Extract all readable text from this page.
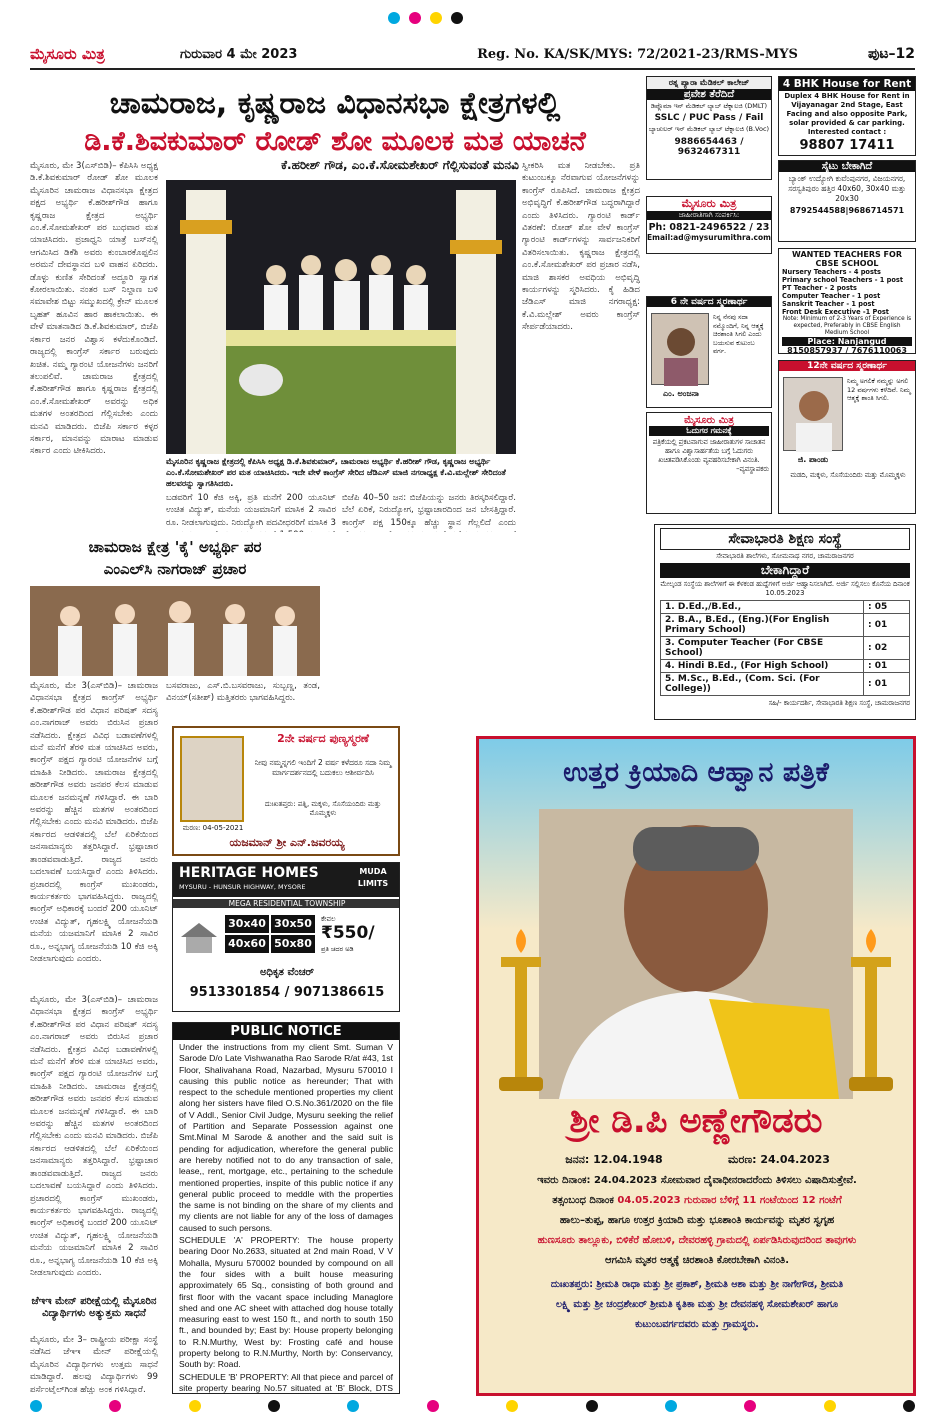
ಮೈಸೂರು ಮಿತ್ರ	ಗುರುವಾರ 4 ಮೇ 2023	Reg. No. KA/SK/MYS: 72/2021-23/RMS-MYS	ಪುಟ–12
ಚಾಮರಾಜ, ಕೃಷ್ಣರಾಜ ವಿಧಾನಸಭಾ ಕ್ಷೇತ್ರಗಳಲ್ಲಿ
ಡಿ.ಕೆ.ಶಿವಕುಮಾರ್ ರೋಡ್ ಶೋ ಮೂಲಕ ಮತ ಯಾಚನೆ
ಕೆ.ಹರೀಶ್ ಗೌಡ, ಎಂ.ಕೆ.ಸೋಮಶೇಖರ್ ಗೆಲ್ಲಿಸುವಂತೆ ಮನವಿ

ಮೈಸೂರು, ಮೇ 3(ಎಸ್‌ಬಿಡಿ)– ಕೆಪಿಸಿಸಿ ಅಧ್ಯಕ್ಷ ಡಿ.ಕೆ.ಶಿವಕುಮಾರ್ ರೋಡ್ ಶೋ ಮೂಲಕ ಮೈಸೂರಿನ ಚಾಮರಾಜ ವಿಧಾನಸಭಾ ಕ್ಷೇತ್ರದ ಪಕ್ಷದ ಅಭ್ಯರ್ಥಿ ಕೆ.ಹರೀಶ್‌ಗೌಡ ಹಾಗೂ ಕೃಷ್ಣರಾಜ ಕ್ಷೇತ್ರದ ಅಭ್ಯರ್ಥಿ ಎಂ.ಕೆ.ಸೋಮಶೇಖರ್ ಪರ ಬುಧವಾರ ಮತ ಯಾಚಿಸಿದರು. ಪ್ರಜಾಧ್ವನಿ ಯಾತ್ರೆ ಬಸ್‌ನಲ್ಲಿ ಆಗಮಿಸಿದ ಡಿಕೆಶಿ ಅವರು ಕುಂಬಾರಕೊಪ್ಪಲಿನ ಅರಮನೆ ದೇವಸ್ಥಾನದ ಬಳಿ ವಾಹನ ಏರಿದರು. ಡೊಳ್ಳು ಕುಣಿತ ಸೇರಿದಂತೆ ಅದ್ಧೂರಿ ಸ್ವಾಗತ ಕೋರಲಾಯಿತು. ನಂತರ ಬಸ್ ನಿಲ್ದಾಣ ಬಳಿ ಸಮಾವೇಶ ಬಿಟ್ಟು ಸಮ್ಮುಖದಲ್ಲಿ ಕ್ರೇನ್ ಮೂಲಕ ಬೃಹತ್ ಹೂವಿನ ಹಾರ ಹಾಕಲಾಯಿತು. ಈ ವೇಳೆ ಮಾತನಾಡಿದ ಡಿ.ಕೆ.ಶಿವಕುಮಾರ್, ಬಿಜೆಪಿ ಸರ್ಕಾರ ಜನರ ವಿಶ್ವಾಸ ಕಳೆದುಕೊಂಡಿದೆ. ರಾಜ್ಯದಲ್ಲಿ ಕಾಂಗ್ರೆಸ್ ಸರ್ಕಾರ ಬರುವುದು ಖಚಿತ. ನಮ್ಮ ಗ್ಯಾರಂಟಿ ಯೋಜನೆಗಳು ಜನರಿಗೆ ತಲುಪಲಿವೆ. ಚಾಮರಾಜ ಕ್ಷೇತ್ರದಲ್ಲಿ ಕೆ.ಹರೀಶ್‌ಗೌಡ ಹಾಗೂ ಕೃಷ್ಣರಾಜ ಕ್ಷೇತ್ರದಲ್ಲಿ ಎಂ.ಕೆ.ಸೋಮಶೇಖರ್ ಅವರನ್ನು ಅಧಿಕ ಮತಗಳ ಅಂತರದಿಂದ ಗೆಲ್ಲಿಸಬೇಕು ಎಂದು ಮನವಿ ಮಾಡಿದರು. ಬಿಜೆಪಿ ಸರ್ಕಾರ ಕಳ್ಳರ ಸರ್ಕಾರ, ಮಾನವನ್ನು ಮಾರಾಟ ಮಾಡುವ ಸರ್ಕಾರ ಎಂದು ಟೀಕಿಸಿದರು.

ಮೈಸೂರಿನ ಕೃಷ್ಣರಾಜ ಕ್ಷೇತ್ರದಲ್ಲಿ ಕೆಪಿಸಿಸಿ ಅಧ್ಯಕ್ಷ ಡಿ.ಕೆ.ಶಿವಕುಮಾರ್, ಚಾಮರಾಜ ಅಭ್ಯರ್ಥಿ ಕೆ.ಹರೀಶ್ ಗೌಡ, ಕೃಷ್ಣರಾಜ ಅಭ್ಯರ್ಥಿ ಎಂ.ಕೆ.ಸೋಮಶೇಖರ್ ಪರ ಮತ ಯಾಚಿಸಿದರು. ಇದೇ ವೇಳೆ ಕಾಂಗ್ರೆಸ್ ಸೇರಿದ ಜೆಡಿಎಸ್ ಮಾಜಿ ನಗರಾಧ್ಯಕ್ಷ ಕೆ.ವಿ.ಮಲ್ಲೇಶ್ ಸೇರಿದಂತೆ ಹಲವರನ್ನು ಸ್ವಾಗತಿಸಿದರು.

ಬಡವರಿಗೆ 10 ಕೆಜಿ ಅಕ್ಕಿ, ಪ್ರತಿ ಮನೆಗೆ 200 ಯೂನಿಟ್ ಉಚಿತ ವಿದ್ಯುತ್, ಮನೆಯ ಯಜಮಾನಿಗೆ ಮಾಸಿಕ 2 ಸಾವಿರ ರೂ. ನೀಡಲಾಗುವುದು. ನಿರುದ್ಯೋಗಿ ಪದವೀಧರರಿಗೆ ಮಾಸಿಕ 3

ಬಿಜೆಪಿ 40–50 ಜನ: ಬಿಜೆಪಿಯನ್ನು ಜನರು ತಿರಸ್ಕರಿಸಲಿದ್ದಾರೆ. ಬೆಲೆ ಏರಿಕೆ, ನಿರುದ್ಯೋಗ, ಭ್ರಷ್ಟಾಚಾರದಿಂದ ಜನ ಬೇಸತ್ತಿದ್ದಾರೆ. ಕಾಂಗ್ರೆಸ್ ಪಕ್ಷ 150ಕ್ಕೂ ಹೆಚ್ಚು ಸ್ಥಾನ ಗೆಲ್ಲಲಿದೆ ಎಂದು

ಸ್ವೀಕರಿಸಿ ಮತ ನೀಡಬೇಕು. ಪ್ರತಿ ಕುಟುಂಬಕ್ಕೂ ನೆರವಾಗುವ ಯೋಜನೆಗಳನ್ನು ಕಾಂಗ್ರೆಸ್ ರೂಪಿಸಿದೆ. ಚಾಮರಾಜ ಕ್ಷೇತ್ರದ ಅಭಿವೃದ್ಧಿಗೆ ಕೆ.ಹರೀಶ್‌ಗೌಡ ಬದ್ಧರಾಗಿದ್ದಾರೆ ಎಂದು ತಿಳಿಸಿದರು. ಗ್ಯಾರಂಟಿ ಕಾರ್ಡ್ ವಿತರಣೆ: ರೋಡ್ ಶೋ ವೇಳೆ ಕಾಂಗ್ರೆಸ್ ಗ್ಯಾರಂಟಿ ಕಾರ್ಡ್‌ಗಳನ್ನು ಸಾರ್ವಜನಿಕರಿಗೆ ವಿತರಿಸಲಾಯಿತು. ಕೃಷ್ಣರಾಜ ಕ್ಷೇತ್ರದಲ್ಲಿ ಎಂ.ಕೆ.ಸೋಮಶೇಖರ್ ಪರ ಪ್ರಚಾರ ನಡೆಸಿ, ಮಾಜಿ ಶಾಸಕರ ಅವಧಿಯ ಅಭಿವೃದ್ಧಿ ಕಾರ್ಯಗಳನ್ನು ಸ್ಮರಿಸಿದರು. ಕೈ ಹಿಡಿದ ಜೆಡಿಎಸ್ ಮಾಜಿ ನಗರಾಧ್ಯಕ್ಷ: ಕೆ.ವಿ.ಮಲ್ಲೇಶ್ ಅವರು ಕಾಂಗ್ರೆಸ್ ಸೇರ್ಪಡೆಯಾದರು.

ಚಾಮರಾಜ ಕ್ಷೇತ್ರ 'ಕೈ' ಅಭ್ಯರ್ಥಿ ಪರ
ಎಂಎಲ್‌ಸಿ ನಾಗರಾಜ್ ಪ್ರಚಾರ

ಮೈಸೂರು, ಮೇ 3(ಎಸ್‌ಬಿಡಿ)– ಚಾಮರಾಜ ವಿಧಾನಸಭಾ ಕ್ಷೇತ್ರದ ಕಾಂಗ್ರೆಸ್ ಅಭ್ಯರ್ಥಿ ಕೆ.ಹರೀಶ್‌ಗೌಡ ಪರ ವಿಧಾನ ಪರಿಷತ್ ಸದಸ್ಯ ಎಂ.ನಾಗರಾಜ್ ಅವರು ಬಿರುಸಿನ ಪ್ರಚಾರ ನಡೆಸಿದರು. ಕ್ಷೇತ್ರದ ವಿವಿಧ ಬಡಾವಣೆಗಳಲ್ಲಿ ಮನೆ ಮನೆಗೆ ತೆರಳಿ ಮತ ಯಾಚಿಸಿದ ಅವರು, ಕಾಂಗ್ರೆಸ್ ಪಕ್ಷದ ಗ್ಯಾರಂಟಿ ಯೋಜನೆಗಳ ಬಗ್ಗೆ ಮಾಹಿತಿ ನೀಡಿದರು. ಚಾಮರಾಜ ಕ್ಷೇತ್ರದಲ್ಲಿ ಹರೀಶ್‌ಗೌಡ ಅವರು ಜನಪರ ಕೆಲಸ ಮಾಡುವ ಮೂಲಕ ಜನಮನ್ನಣೆ ಗಳಿಸಿದ್ದಾರೆ. ಈ ಬಾರಿ ಅವರನ್ನು ಹೆಚ್ಚಿನ ಮತಗಳ ಅಂತರದಿಂದ ಗೆಲ್ಲಿಸಬೇಕು ಎಂದು ಮನವಿ ಮಾಡಿದರು. ಬಿಜೆಪಿ ಸರ್ಕಾರದ ಆಡಳಿತದಲ್ಲಿ ಬೆಲೆ ಏರಿಕೆಯಿಂದ ಜನಸಾಮಾನ್ಯರು ತತ್ತರಿಸಿದ್ದಾರೆ. ಭ್ರಷ್ಟಾಚಾರ ತಾಂಡವವಾಡುತ್ತಿದೆ. ರಾಜ್ಯದ ಜನರು ಬದಲಾವಣೆ ಬಯಸಿದ್ದಾರೆ ಎಂದು ತಿಳಿಸಿದರು. ಪ್ರಚಾರದಲ್ಲಿ ಕಾಂಗ್ರೆಸ್ ಮುಖಂಡರು, ಕಾರ್ಯಕರ್ತರು ಭಾಗವಹಿಸಿದ್ದರು. ರಾಜ್ಯದಲ್ಲಿ ಕಾಂಗ್ರೆಸ್ ಅಧಿಕಾರಕ್ಕೆ ಬಂದರೆ 200 ಯೂನಿಟ್ ಉಚಿತ ವಿದ್ಯುತ್, ಗೃಹಲಕ್ಷ್ಮಿ ಯೋಜನೆಯಡಿ ಮನೆಯ ಯಜಮಾನಿಗೆ ಮಾಸಿಕ 2 ಸಾವಿರ ರೂ., ಅನ್ನಭಾಗ್ಯ ಯೋಜನೆಯಡಿ 10 ಕೆಜಿ ಅಕ್ಕಿ ನೀಡಲಾಗುವುದು ಎಂದರು.

ಬಸವರಾಜು, ಎಸ್.ಬಿ.ಬಸವರಾಜು, ಸುಬ್ಬಣ್ಣ, ತಂಡ, ವಿನಯ್(ಸತೀಶ್) ಮತ್ತಿತರರು ಭಾಗವಹಿಸಿದ್ದರು.

ಜೆಇಇ ಮೇನ್ ಪರೀಕ್ಷೆಯಲ್ಲಿ ಮೈಸೂರಿನ ವಿದ್ಯಾರ್ಥಿಗಳು ಅತ್ಯುತ್ತಮ ಸಾಧನೆ

ಮೈಸೂರು, ಮೇ 3– ರಾಷ್ಟ್ರೀಯ ಪರೀಕ್ಷಾ ಸಂಸ್ಥೆ ನಡೆಸಿದ ಜೆಇಇ ಮೇನ್ ಪರೀಕ್ಷೆಯಲ್ಲಿ ಮೈಸೂರಿನ ವಿದ್ಯಾರ್ಥಿಗಳು ಉತ್ತಮ ಸಾಧನೆ ಮಾಡಿದ್ದಾರೆ. ಹಲವು ವಿದ್ಯಾರ್ಥಿಗಳು 99 ಪರ್ಸೆಂಟೈಲ್‌ಗಿಂತ ಹೆಚ್ಚು ಅಂಕ ಗಳಿಸಿದ್ದಾರೆ.

ಮೈಸೂರು, ಮೇ 3(ಎಸ್‌ಬಿಡಿ)– ಚಾಮರಾಜ ವಿಧಾನಸಭಾ ಕ್ಷೇತ್ರದ ಕಾಂಗ್ರೆಸ್ ಅಭ್ಯರ್ಥಿ ಕೆ.ಹರೀಶ್‌ಗೌಡ ಪರ ವಿಧಾನ ಪರಿಷತ್ ಸದಸ್ಯ ಎಂ.ನಾಗರಾಜ್ ಅವರು ಬಿರುಸಿನ ಪ್ರಚಾರ ನಡೆಸಿದರು. ಕ್ಷೇತ್ರದ ವಿವಿಧ ಬಡಾವಣೆಗಳಲ್ಲಿ ಮನೆ ಮನೆಗೆ ತೆರಳಿ ಮತ ಯಾಚಿಸಿದ ಅವರು, ಕಾಂಗ್ರೆಸ್ ಪಕ್ಷದ ಗ್ಯಾರಂಟಿ ಯೋಜನೆಗಳ ಬಗ್ಗೆ ಮಾಹಿತಿ ನೀಡಿದರು. ಚಾಮರಾಜ ಕ್ಷೇತ್ರದಲ್ಲಿ ಹರೀಶ್‌ಗೌಡ ಅವರು ಜನಪರ ಕೆಲಸ ಮಾಡುವ ಮೂಲಕ ಜನಮನ್ನಣೆ ಗಳಿಸಿದ್ದಾರೆ. ಈ ಬಾರಿ ಅವರನ್ನು ಹೆಚ್ಚಿನ ಮತಗಳ ಅಂತರದಿಂದ ಗೆಲ್ಲಿಸಬೇಕು ಎಂದು ಮನವಿ ಮಾಡಿದರು. ಬಿಜೆಪಿ ಸರ್ಕಾರದ ಆಡಳಿತದಲ್ಲಿ ಬೆಲೆ ಏರಿಕೆಯಿಂದ ಜನಸಾಮಾನ್ಯರು ತತ್ತರಿಸಿದ್ದಾರೆ. ಭ್ರಷ್ಟಾಚಾರ ತಾಂಡವವಾಡುತ್ತಿದೆ. ರಾಜ್ಯದ ಜನರು ಬದಲಾವಣೆ ಬಯಸಿದ್ದಾರೆ ಎಂದು ತಿಳಿಸಿದರು. ಪ್ರಚಾರದಲ್ಲಿ ಕಾಂಗ್ರೆಸ್ ಮುಖಂಡರು, ಕಾರ್ಯಕರ್ತರು ಭಾಗವಹಿಸಿದ್ದರು. ರಾಜ್ಯದಲ್ಲಿ ಕಾಂಗ್ರೆಸ್ ಅಧಿಕಾರಕ್ಕೆ ಬಂದರೆ 200 ಯೂನಿಟ್ ಉಚಿತ ವಿದ್ಯುತ್, ಗೃಹಲಕ್ಷ್ಮಿ ಯೋಜನೆಯಡಿ ಮನೆಯ ಯಜಮಾನಿಗೆ ಮಾಸಿಕ 2 ಸಾವಿರ ರೂ., ಅನ್ನಭಾಗ್ಯ ಯೋಜನೆಯಡಿ 10 ಕೆಜಿ ಅಕ್ಕಿ ನೀಡಲಾಗುವುದು ಎಂದರು.

ಮರಣ: 04-05-2021
2ನೇ ವರ್ಷದ ಪುಣ್ಯಸ್ಮರಣೆ
ನೀವು ನಮ್ಮನ್ನಗಲಿ ಇಂದಿಗೆ 2 ವರ್ಷ ಕಳೆದರೂ ಸದಾ ನಿಮ್ಮ ಮಾರ್ಗದರ್ಶನದಲ್ಲಿ ಬದುಕಲು ಆಶೀರ್ವದಿಸಿ
ದುಃಖತಪ್ತರು: ಪತ್ನಿ, ಮಕ್ಕಳು, ಸೊಸೆಯಂದಿರು ಮತ್ತು ಮೊಮ್ಮಕ್ಕಳು
ಯಜಮಾನ್ ಶ್ರೀ ಎನ್.ಜವರಯ್ಯ
HERITAGE HOMES
MYSURU - HUNSUR HIGHWAY, MYSORE
MUDA LIMITS
MEGA RESIDENTIAL TOWNSHIP
30x40 30x50
40x60 50x80
ಕೇವಲ
₹550/
ಪ್ರತಿ ಚದರ ಅಡಿ
ಅಧಿಕೃತ ವೆಂಚರ್
9513301854 / 9071386615
PUBLIC NOTICE
Under the instructions from my client Smt. Suman V Sarode D/o Late Vishwanatha Rao Sarode R/at #43, 1st Floor, Shalivahana Road, Nazarbad, Mysuru 570010 I causing this public notice as hereunder; That with respect to the schedule mentioned properties my client along her sisters have filed O.S.No.361/2020 on the file of V Addl., Senior Civil Judge, Mysuru seeking the relief of Partition and Separate Possession against one Smt.Minal M Sarode & another and the said suit is pending for adjudication, wherefore the general public are hereby notified not to do any transaction of sale, lease,, rent, mortgage, etc., pertaining to the schedule mentioned properties, inspite of this public notice if any general public proceed to meddle with the properties the same is not binding on the share of my clients and my clients are not liable for any of the loss of damages caused to such persons.
SCHEDULE 'A' PROPERTY: The house property bearing Door No.2633, situated at 2nd main Road, V V Mohalla, Mysuru 570002 bounded by compound on all the four sides with a built house measuring approximately 65 Sq., consisting of both ground and first floor with the vacant space including Managlore shed and one AC sheet with attached dog house totally measuring east to west 150 ft., and north to south 150 ft., and bounded by; East by: House property belonging to R.N.Murthy, West by: Frosting café and house property belong to R.N.Murthy, North by: Conservancy, South by: Road.
SCHEDULE 'B' PROPERTY: All that piece and parcel of site property bearing No.57 situated at 'B' Block, DTS
ರತ್ನ ಪ್ಯಾರಾ ಮೆಡಿಕಲ್ ಕಾಲೇಜ್
ಪ್ರವೇಶ ತೆರೆದಿದೆ
ಡಿಪ್ಲೊಮಾ ಇನ್ ಮೆಡಿಕಲ್ ಲ್ಯಾಬ್ ಟೆಕ್ನಾಲಜಿ (DMLT)
SSLC / PUC Pass / Fail
ಬ್ಯಾಚುಲರ್ ಇನ್ ಮೆಡಿಕಲ್ ಲ್ಯಾಬ್ ಟೆಕ್ನಾಲಜಿ (B.Voc)
9886654463 / 9632467311
4 BHK House for Rent
Duplex 4 BHK House for Rent in Vijayanagar 2nd Stage, East Facing and also opposite Park, solar provided & car parking. Interested contact :
98807 17411
ಮೈಸೂರು ಮಿತ್ರ
ಜಾಹೀರಾತಿಗಾಗಿ ಸಂಪರ್ಕಿಸಿ:
Ph: 0821-2496522 / 23
Email:ad@mysurumithra.com
ಸೈಟು ಬೇಕಾಗಿದೆ
ಬ್ಯಾಂಕ್ ಉದ್ಯೋಗಿ ಕುವೆಂಪುನಗರ, ವಿಜಯನಗರ, ಸರಸ್ವತಿಪುರಂ ಹತ್ತಿರ 40x60, 30x40 ಮತ್ತು 20x30
8792544588|9686714571
WANTED TEACHERS FOR CBSE SCHOOL
Nursery Teachers - 4 posts
Primary school Teachers - 1 post
PT Teacher - 2 posts
Computer Teacher - 1 post
Sanskrit Teacher - 1 post
Front Desk Executive -1 Post
Note: Minimum of 2-3 Years of Experience is expected, Preferably in CBSE English Medium School
Place: Nanjangud
8150857937 / 7676110063
6 ನೇ ವರ್ಷದ ಸ್ಮರಣಾರ್ಥ
ನಿನ್ನ ನೆನಪು ಸದಾ ನಮ್ಮೊಂದಿಗೆ, ನಿನ್ನ ಆತ್ಮಕ್ಕೆ ಚಿರಶಾಂತಿ ಸಿಗಲಿ ಎಂದು ಬಯಸುವ ಕುಟುಂಬ ವರ್ಗ.
ಎಂ. ಅಂಜನಾ
ಮೈಸೂರು ಮಿತ್ರ
ಓದುಗರ ಗಮನಕ್ಕೆ
ಪತ್ರಿಕೆಯಲ್ಲಿ ಪ್ರಕಟವಾಗುವ ಜಾಹೀರಾತುಗಳ ಸಾಚಾತನ ಹಾಗೂ ವಿಶ್ವಾಸಾರ್ಹತೆಯ ಬಗ್ಗೆ ಓದುಗರು ಖಚಿತಪಡಿಸಿಕೊಂಡು ವ್ಯವಹರಿಸಬೇಕಾಗಿ ವಿನಂತಿ.
–ವ್ಯವಸ್ಥಾಪಕರು
12ನೇ ವರ್ಷದ ಸ್ಮರಣಾರ್ಥ
ನಿಮ್ಮ ಅಗಲಿಕೆ ನಮ್ಮನ್ನು ಅಗಲಿ 12 ವರ್ಷಗಳು ಕಳೆದಿವೆ. ನಿಮ್ಮ ಆತ್ಮಕ್ಕೆ ಶಾಂತಿ ಸಿಗಲಿ.
ಜಿ. ಪಾಂಡು
ಮಡದಿ, ಮಕ್ಕಳು, ಸೊಸೆಯಂದಿರು ಮತ್ತು ಮೊಮ್ಮಕ್ಕಳು
ಸೇವಾಭಾರತಿ ಶಿಕ್ಷಣ ಸಂಸ್ಥೆ
ಸೇವಾಭಾರತಿ ಶಾಲೆಗಳು, ಸೋಮನಾಥ ನಗರ, ಚಾಮರಾಜನಗರ
ಬೇಕಾಗಿದ್ದಾರೆ
ಮೇಲ್ಕಂಡ ಸಂಸ್ಥೆಯ ಶಾಲೆಗಳಿಗೆ ಈ ಕೆಳಕಂಡ ಹುದ್ದೆಗಳಿಗೆ ಅರ್ಜಿ ಆಹ್ವಾನಿಸಲಾಗಿದೆ. ಅರ್ಜಿ ಸಲ್ಲಿಸಲು ಕೊನೆಯ ದಿನಾಂಕ 10.05.2023
1. D.Ed.,/B.Ed.,	: 05
2. B.A., B.Ed., (Eng.)(For English Primary School)	: 01
3. Computer Teacher (For CBSE School)	: 02
4. Hindi B.Ed., (For High School)	: 01
5. M.Sc., B.Ed., (Com. Sci. (For College))	: 01
ಸಹಿ/- ಕಾರ್ಯದರ್ಶಿ, ಸೇವಾಭಾರತಿ ಶಿಕ್ಷಣ ಸಂಸ್ಥೆ, ಚಾಮರಾಜನಗರ
ಉತ್ತರ ಕ್ರಿಯಾದಿ ಆಹ್ವಾನ ಪತ್ರಿಕೆ
ಶ್ರೀ ಡಿ.ಪಿ ಅಣ್ಣೇಗೌಡರು
ಜನನ: 12.04.1948	ಮರಣ: 24.04.2023
ಇವರು ದಿನಾಂಕ: 24.04.2023 ಸೋಮವಾರ ದೈವಾಧೀನರಾದರೆಂದು ತಿಳಿಸಲು ವಿಷಾದಿಸುತ್ತೇವೆ.
ತತ್ಸಂಬಂಧ ದಿನಾಂಕ 04.05.2023 ಗುರುವಾರ ಬೆಳಿಗ್ಗೆ 11 ಗಂಟೆಯಿಂದ 12 ಗಂಟೆಗೆ
ಹಾಲು–ತುಪ್ಪ, ಹಾಗೂ ಉತ್ತರ ಕ್ರಿಯಾದಿ ಮತ್ತು ಭೂಶಾಂತಿ ಕಾರ್ಯವನ್ನು ಮೃತರ ಸ್ವಗೃಹ
ಹುಣಸೂರು ತಾಲ್ಲೂಕು, ಬಿಳಿಕೆರೆ ಹೋಬಳಿ, ದೇವರಹಳ್ಳಿ ಗ್ರಾಮದಲ್ಲಿ ಏರ್ಪಡಿಸಿರುವುದರಿಂದ ತಾವುಗಳು
ಆಗಮಿಸಿ ಮೃತರ ಆತ್ಮಕ್ಕೆ ಚಿರಶಾಂತಿ ಕೋರಬೇಕಾಗಿ ವಿನಂತಿ.
ದುಃಖತಪ್ತರು: ಶ್ರೀಮತಿ ರಾಧಾ ಮತ್ತು ಶ್ರೀ ಪ್ರಕಾಶ್, ಶ್ರೀಮತಿ ಆಶಾ ಮತ್ತು ಶ್ರೀ ನಾಗೇಗೌಡ, ಶ್ರೀಮತಿ
ಲಕ್ಷ್ಮಿ ಮತ್ತು ಶ್ರೀ ಚಂದ್ರಶೇಖರ್ ಶ್ರೀಮತಿ ಕೃತಿಕಾ ಮತ್ತು ಶ್ರೀ ದೇವನಹಳ್ಳಿ ಸೋಮಶೇಖರ್ ಹಾಗೂ
ಕುಟುಂಬವರ್ಗದವರು ಮತ್ತು ಗ್ರಾಮಸ್ಥರು.
